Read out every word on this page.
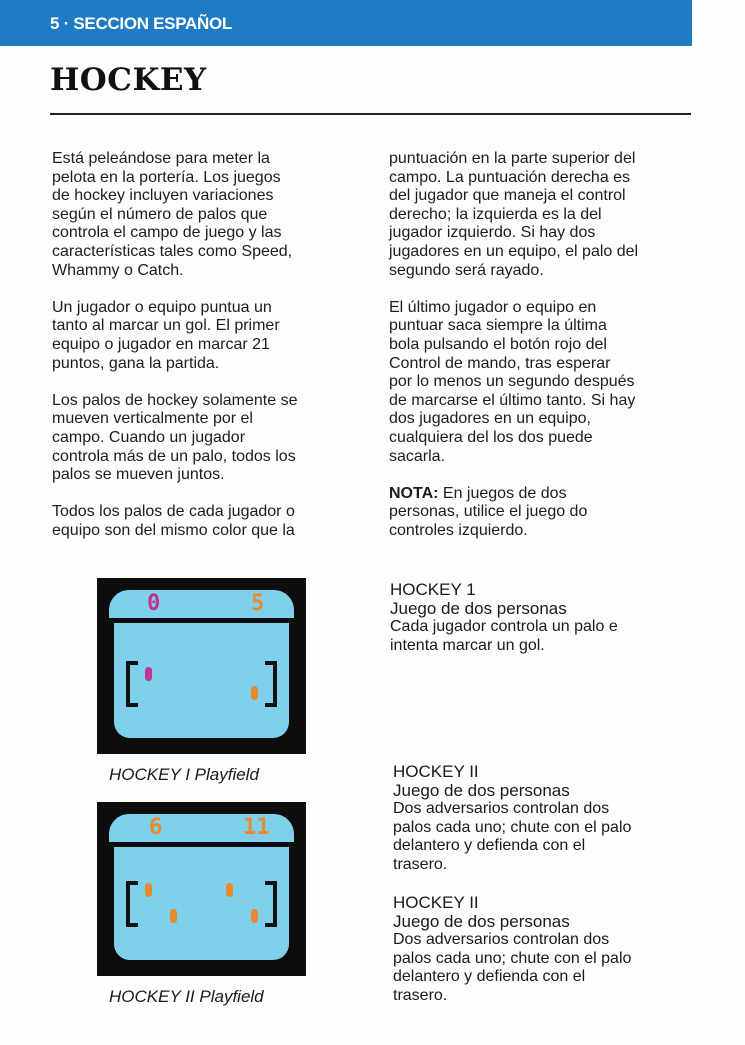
5 · SECCION ESPAÑOL
HOCKEY

Está peleándose para meter la
pelota en la portería. Los juegos
de hockey incluyen variaciones
según el número de palos que
controla el campo de juego y las
características tales como Speed,
Whammy o Catch.

Un jugador o equipo puntua un
tanto al marcar un gol. El primer
equipo o jugador en marcar 21
puntos, gana la partida.

Los palos de hockey solamente se
mueven verticalmente por el
campo. Cuando un jugador
controla más de un palo, todos los
palos se mueven juntos.

Todos los palos de cada jugador o
equipo son del mismo color que la

puntuación en la parte superior del
campo. La puntuación derecha es
del jugador que maneja el control
derecho; la izquierda es la del
jugador izquierdo. Si hay dos
jugadores en un equipo, el palo del
segundo será rayado.

El último jugador o equipo en
puntuar saca siempre la última
bola pulsando el botón rojo del
Control de mando, tras esperar
por lo menos un segundo después
de marcarse el último tanto. Si hay
dos jugadores en un equipo,
cualquiera del los dos puede
sacarla.

NOTA: En juegos de dos
personas, utilice el juego do
controles izquierdo.

0	5
HOCKEY I Playfield
6	11
HOCKEY II Playfield
HOCKEY 1
Juego de dos personas
Cada jugador controla un palo e
intenta marcar un gol.
HOCKEY II
Juego de dos personas
Dos adversarios controlan dos
palos cada uno; chute con el palo
delantero y defienda con el
trasero.
HOCKEY II
Juego de dos personas
Dos adversarios controlan dos
palos cada uno; chute con el palo
delantero y defienda con el
trasero.
